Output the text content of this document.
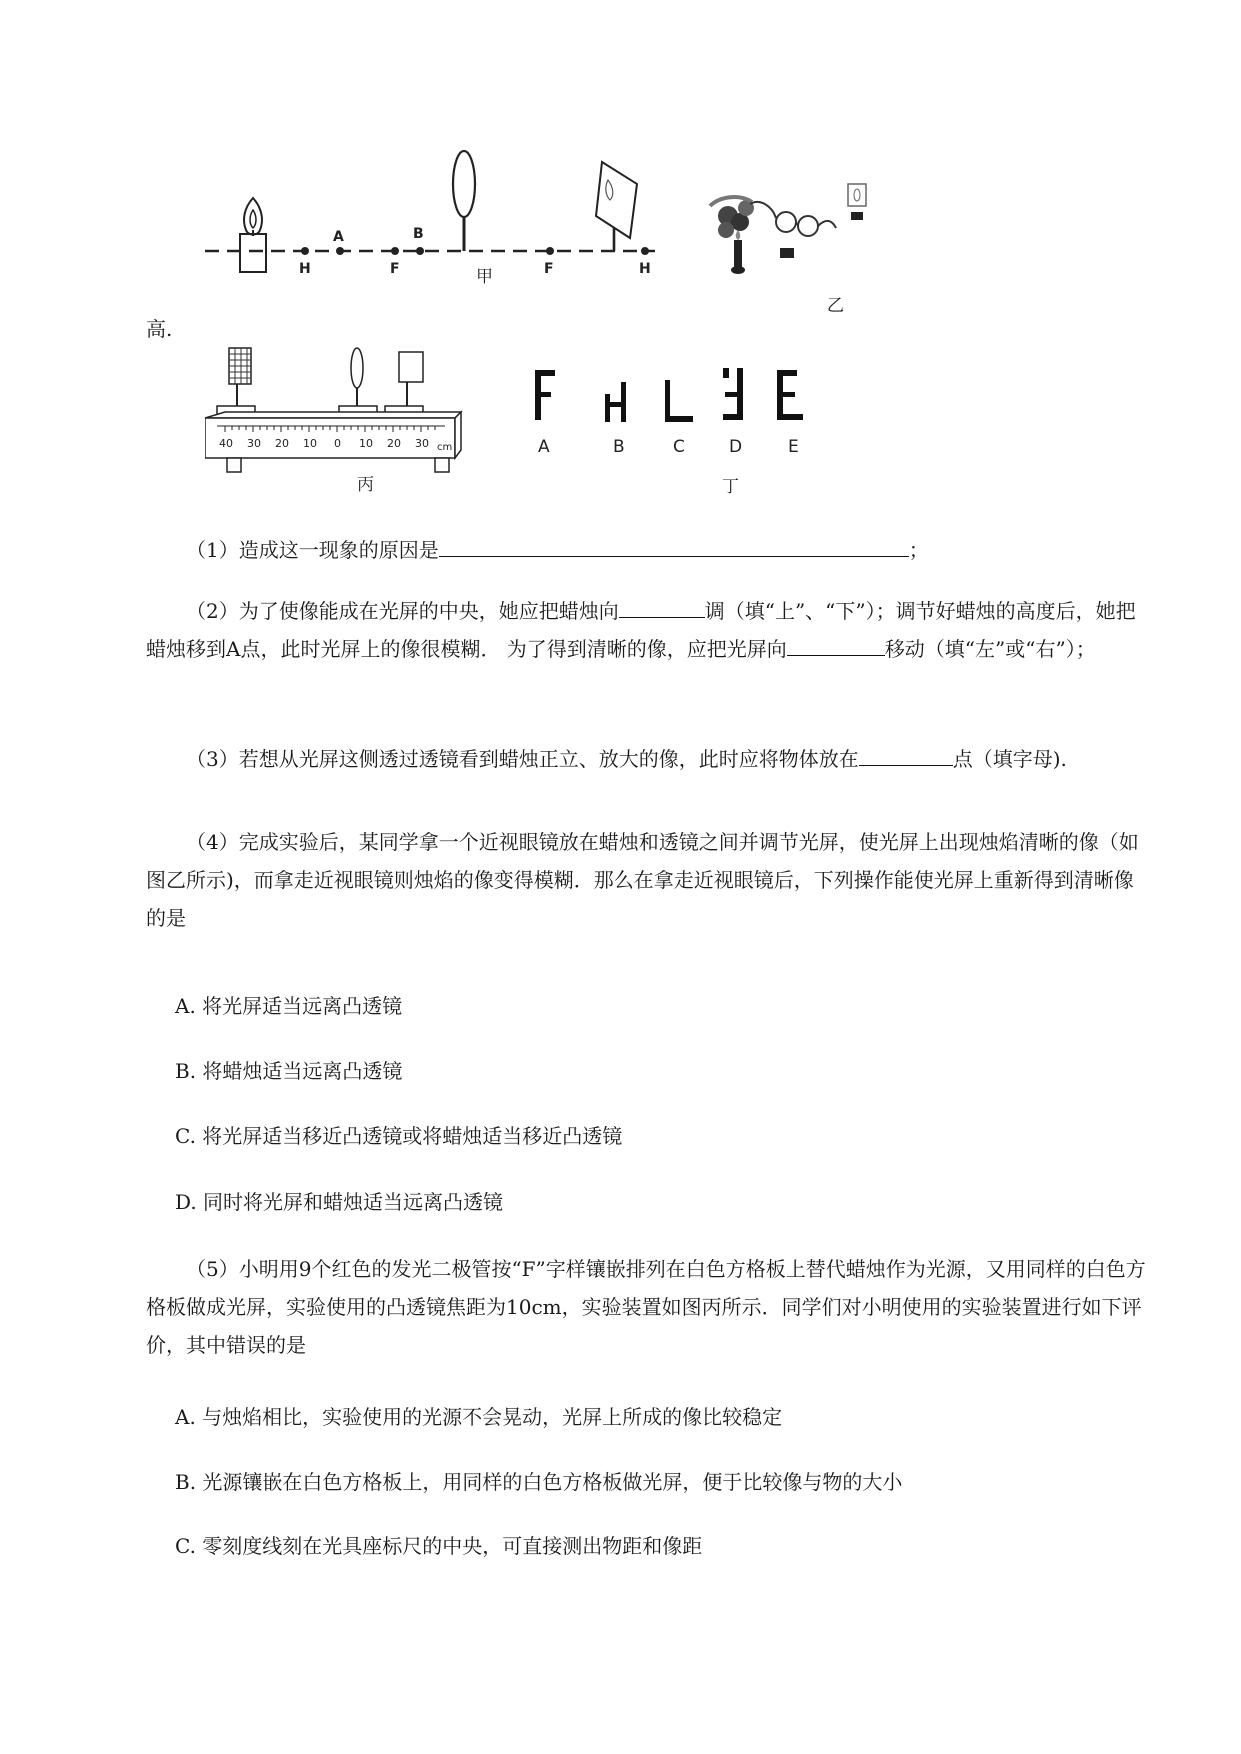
H
A
F
B
F	H
甲
乙
高.
40 30 20 10 0 10 20 30 cm
丙
A	B	C	D	E
丁
（1）造成这一现象的原因是	；
（2）为了使像能成在光屏的中央，她应把蜡烛向	调（填“上”、“下”）；调节好蜡烛的高度后，她把蜡烛移到A点，此时光屏上的像很模糊． 为了得到清晰的像，应把光屏向	移动（填“左”或“右”）；
（3）若想从光屏这侧透过透镜看到蜡烛正立、放大的像，此时应将物体放在	点（填字母).
（4）完成实验后，某同学拿一个近视眼镜放在蜡烛和透镜之间并调节光屏，使光屏上出现烛焰清晰的像（如图乙所示)，而拿走近视眼镜则烛焰的像变得模糊．那么在拿走近视眼镜后，下列操作能使光屏上重新得到清晰像的是
A. 将光屏适当远离凸透镜
B. 将蜡烛适当远离凸透镜
C. 将光屏适当移近凸透镜或将蜡烛适当移近凸透镜
D. 同时将光屏和蜡烛适当远离凸透镜
（5）小明用9个红色的发光二极管按“F”字样镶嵌排列在白色方格板上替代蜡烛作为光源，又用同样的白色方格板做成光屏，实验使用的凸透镜焦距为10cm，实验装置如图丙所示．同学们对小明使用的实验装置进行如下评价，其中错误的是
A. 与烛焰相比，实验使用的光源不会晃动，光屏上所成的像比较稳定
B. 光源镶嵌在白色方格板上，用同样的白色方格板做光屏，便于比较像与物的大小
C. 零刻度线刻在光具座标尺的中央，可直接测出物距和像距
